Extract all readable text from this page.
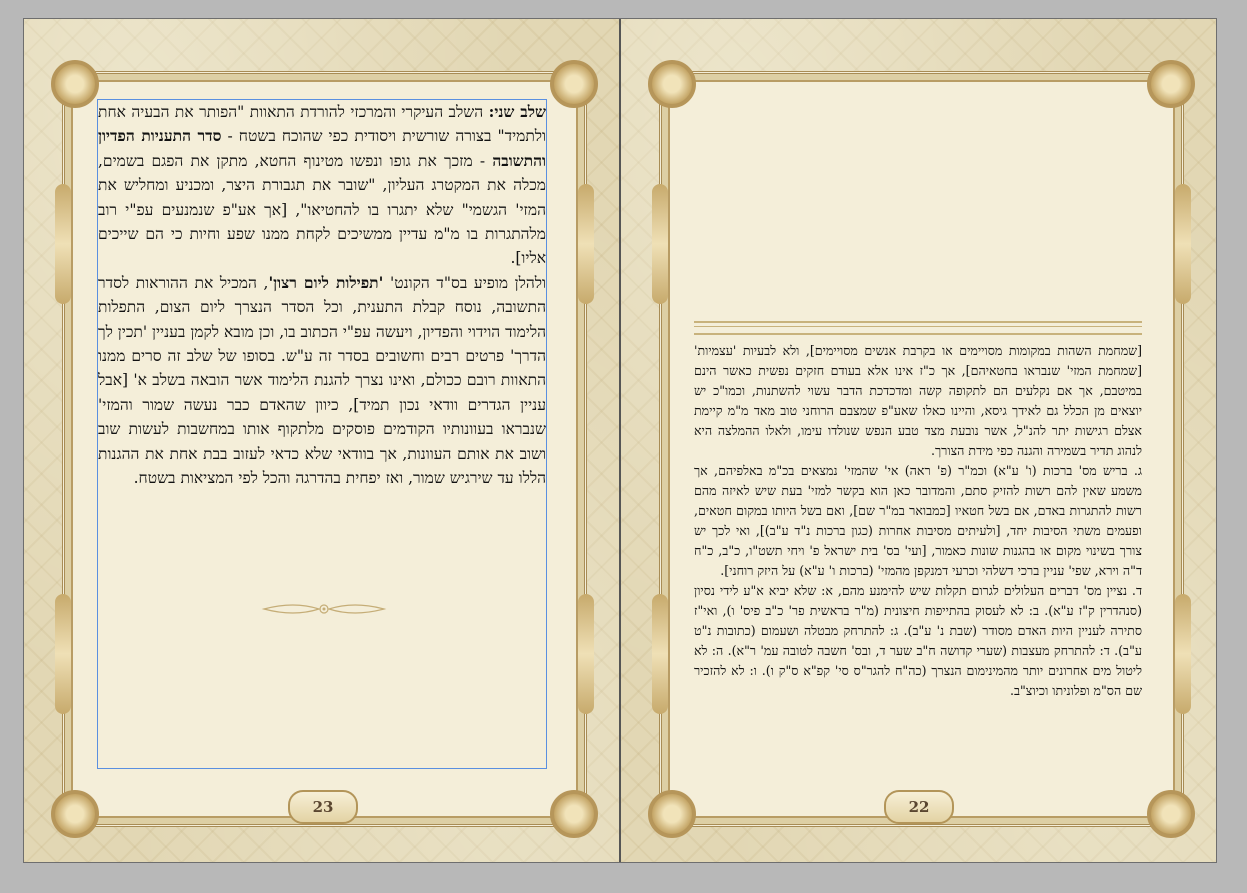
שלב שני: השלב העיקרי והמרכזי להורדת התאוות "הפותר את הבעיה אחת ולתמיד" בצורה שורשית ויסודית כפי שהוכח בשטח - סדר התעניות הפדיון והתשובה - מזכך את גופו ונפשו מטינוף החטא, מתקן את הפגם בשמים, מכלה את המקטרג העליון, "שובר את תגבורת היצר, ומכניע ומחליש את המזי' הגשמי" שלא יתגרו בו להחטיאו", [אך אע"פ שנמנעים עפ"י רוב מלהתגרות בו מ"מ עדיין ממשיכים לקחת ממנו שפע וחיות כי הם שייכים אליו].

ולהלן מופיע בס"ד הקונט' 'תפילות ליום רצון', המכיל את ההוראות לסדר התשובה, נוסח קבלת התענית, וכל הסדר הנצרך ליום הצום, התפלות הלימוד הוידוי והפדיון, ויעשה עפ"י הכתוב בו, וכן מובא לקמן בעניין 'תכין לך הדרך' פרטים רבים וחשובים בסדר זה ע"ש. בסופו של שלב זה סרים ממנו התאוות רובם ככולם, ואינו נצרך להגנת הלימוד אשר הובאה בשלב א' [אבל עניין הגדרים וודאי נכון תמיד], כיוון שהאדם כבר נעשה שמור והמזי' שנבראו בעוונותיו הקודמים פוסקים מלתקוף אותו במחשבות לעשות שוב ושוב את אותם העוונות, אך בוודאי שלא כדאי לעזוב בבת אחת את ההגנות הללו עד שירגיש שמור, ואז יפחית בהדרגה והכל לפי המציאות בשטח.

23	22

[שמחמת השהות במקומות מסויימים או בקרבת אנשים מסויימים], ולא לבעיות 'עצמיות' [שמחמת המזי' שנבראו בחטאיהם], אך כ"ז אינו אלא בעודם חזקים נפשית כאשר הינם במיטבם, אך אם נקלעים הם לתקופה קשה ומדכדכת הדבר עשוי להשתנות, וכמו"כ יש יוצאים מן הכלל גם לאידך גיסא, והיינו כאלו שאע"פ שמצבם הרוחני טוב מאד מ"מ קיימת אצלם רגישות יתר להנ"ל, אשר נובעת מצד טבע הנפש שנולדו עימו, ולאלו ההמלצה היא לנהוג תדיר בשמירה והגנה כפי מידת הצורך.

ג. בריש מס' ברכות (ו' ע"א) וכמ"ר (פ' ראה) אי' שהמזי' נמצאים בכ"מ באלפיהם, אך משמע שאין להם רשות להזיק סתם, והמדובר כאן הוא בקשר למזי' בעת שיש לאיזה מהם רשות להתגרות באדם, אם בשל חטאיו [כמבואר במ"ר שם], ואם בשל היותו במקום חטאים, ופעמים משתי הסיבות יחד, [ולעיתים מסיבות אחרות (כגון ברכות נ"ד ע"ב)], ואי לכך יש צורך בשינוי מקום או בהגנות שונות כאמור, [ועי' בס' בית ישראל פ' ויחי תשט"ו, כ"ב, כ"ח ד"ה וירא, שפי' עניין ברכי דשלהי וכרעי דמנקפן מהמזי' (ברכות ו' ע"א) על היזק רוחני].

ד. נציין מס' דברים העלולים לגרום תקלות שיש להימנע מהם, א: שלא יביא א"ע לידי נסיון (סנהדרין ק"ז ע"א). ב: לא לעסוק בהתייפות חיצונית (מ"ר בראשית פר' כ"ב פיס' ו), ואי"ז סתירה לעניין היות האדם מסודר (שבת נ' ע"ב). ג: להתרחק מבטלה ושעמום (כתובות נ"ט ע"ב). ד: להתרחק מעצבות (שערי קדושה ח"ב שער ד, ובס' חשבה לטובה עמ' ר"א). ה: לא ליטול מים אחרונים יותר מהמינימום הנצרך (כה"ח להגר"ס סי' קפ"א ס"ק ו). ו: לא להזכיר שם הס"מ ופלוניתו וכיוצ"ב.
